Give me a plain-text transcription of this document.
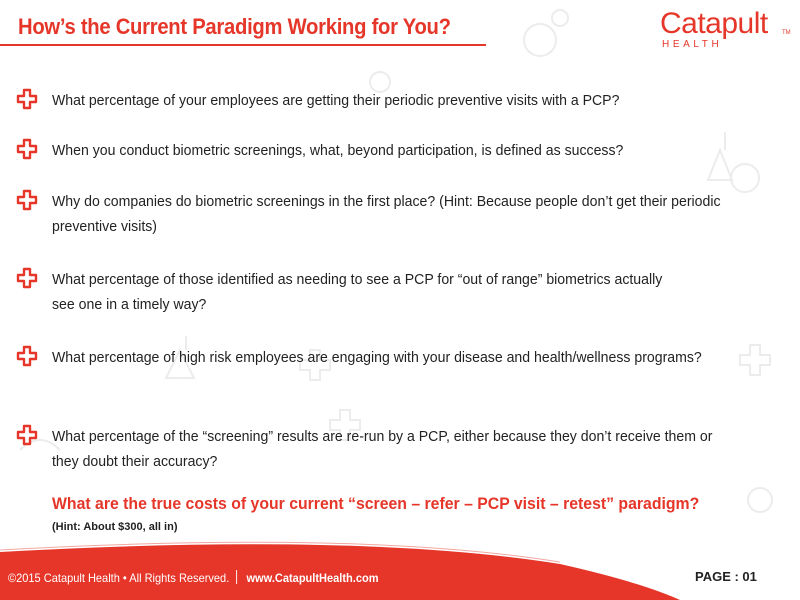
How’s the Current Paradigm Working for You?	Catapult TM
HEALTH
What percentage of your employees are getting their periodic preventive visits with a PCP?
When you conduct biometric screenings, what, beyond participation, is defined as success?
Why do companies do biometric screenings in the first place? (Hint: Because people don’t get their periodic preventive visits)
What percentage of those identified as needing to see a PCP for “out of range” biometrics actually see one in a timely way?
What percentage of high risk employees are engaging with your disease and health/wellness programs?
What percentage of the “screening” results are re-run by a PCP, either because they don’t receive them or they doubt their accuracy?
What are the true costs of your current “screen – refer – PCP visit – retest” paradigm?
(Hint: About $300, all in)
©2015 Catapult Health • All Rights Reserved. www.CatapultHealth.com	PAGE : 01
